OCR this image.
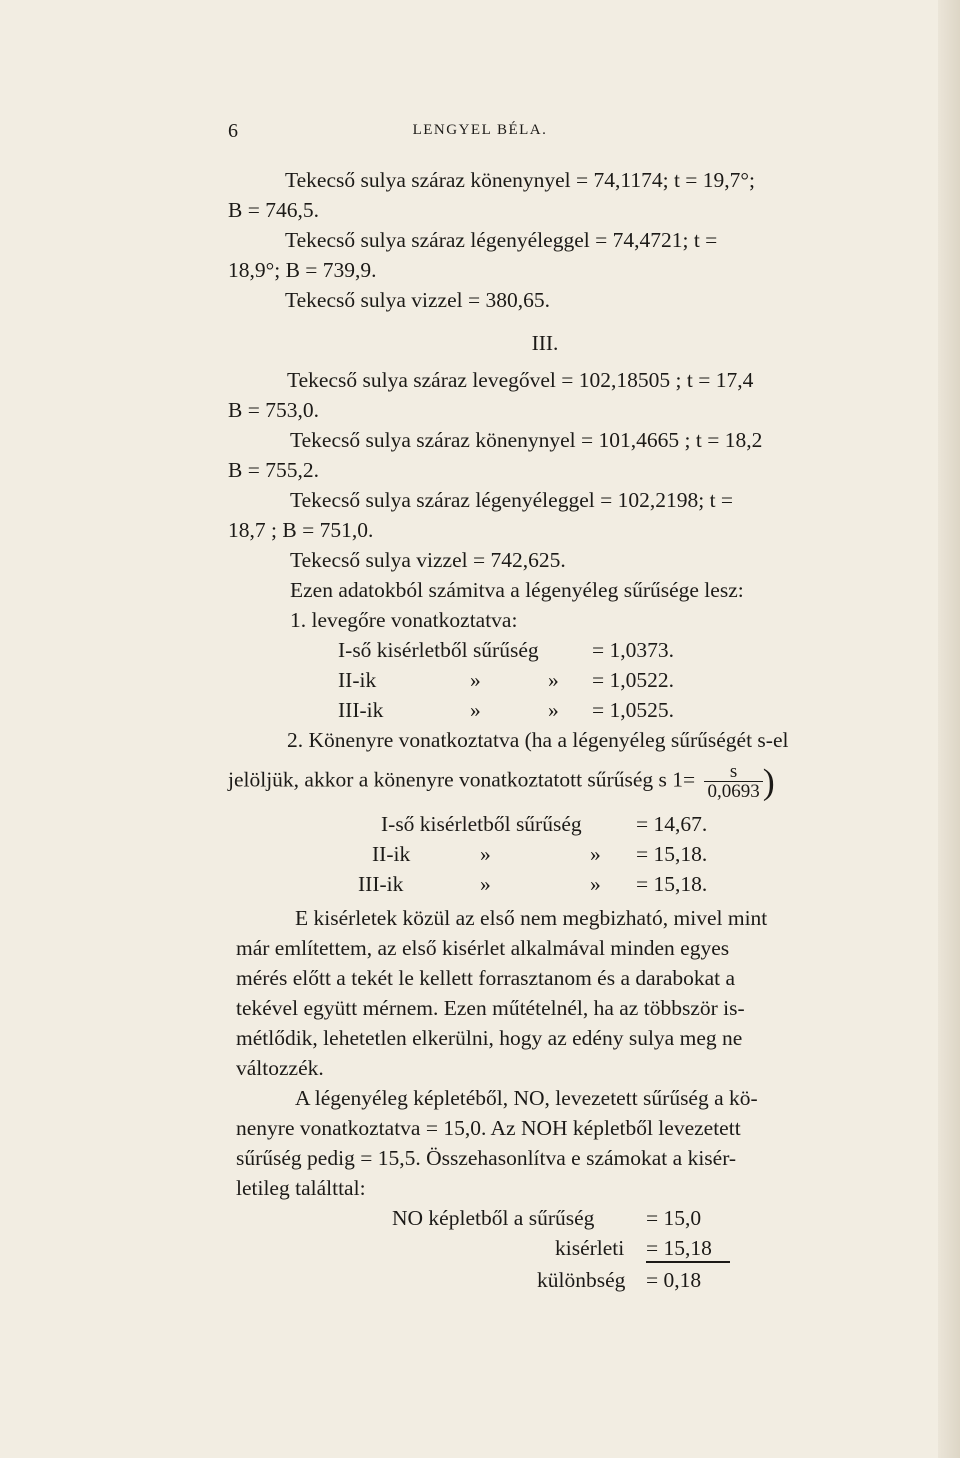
6	LENGYEL BÉLA.
Tekecső sulya száraz könenynyel = 74,1174; t = 19,7°;
B = 746,5.
Tekecső sulya száraz légenyéleggel = 74,4721; t =
18,9°; B = 739,9.
Tekecső sulya vizzel = 380,65.
III.
Tekecső sulya száraz levegővel = 102,18505 ; t = 17,4
B = 753,0.
Tekecső sulya száraz könenynyel = 101,4665 ; t = 18,2
B = 755,2.
Tekecső sulya száraz légenyéleggel = 102,2198; t =
18,7 ; B = 751,0.
Tekecső sulya vizzel = 742,625.
Ezen adatokból számitva a légenyéleg sűrűsége lesz:
1. levegőre vonatkoztatva:
I-ső kisérletből sűrűség = 1,0373.
II-ik	»	» = 1,0522.
III-ik	»	» = 1,0525.
2. Könenyre vonatkoztatva (ha a légenyéleg sűrűségét s-el
jelöljük, akkor a könenyre vonatkoztatott sűrűség s $1= \frac{s}{0,0693}$ )
I-ső kisérletből sűrűség	= 14,67.
II-ik	»	» = 15,18.
III-ik	»	» = 15,18.
E kisérletek közül az első nem megbizható, mivel mint
már említettem, az első kisérlet alkalmával minden egyes
mérés előtt a tekét le kellett forrasztanom és a darabokat a
tekével együtt mérnem. Ezen műtételnél, ha az többször is-
métlődik, lehetetlen elkerülni, hogy az edény sulya meg ne
változzék.
A légenyéleg képletéből, NO, levezetett sűrűség a kö-
nenyre vonatkoztatva = 15,0. Az NOH képletből levezetett
sűrűség pedig = 15,5. Összehasonlítva e számokat a kisér-
letileg találttal:
NO képletből a sűrűség = 15,0
kisérleti = 15,18
különbség = 0,18
